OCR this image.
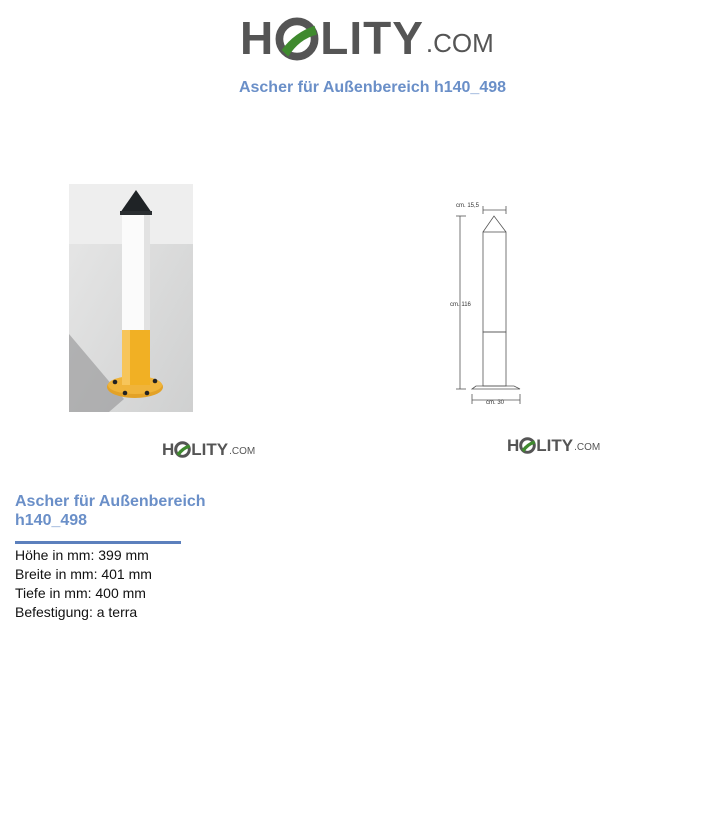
H LITY .COM
Ascher für Außenbereich h140_498
H LITY .COM
cm. 15,5
cm. 116
cm. 30
H LITY .COM
Ascher für Außenbereich
h140_498
Höhe in mm: 399 mm
Breite in mm: 401 mm
Tiefe in mm: 400 mm
Befestigung: a terra
